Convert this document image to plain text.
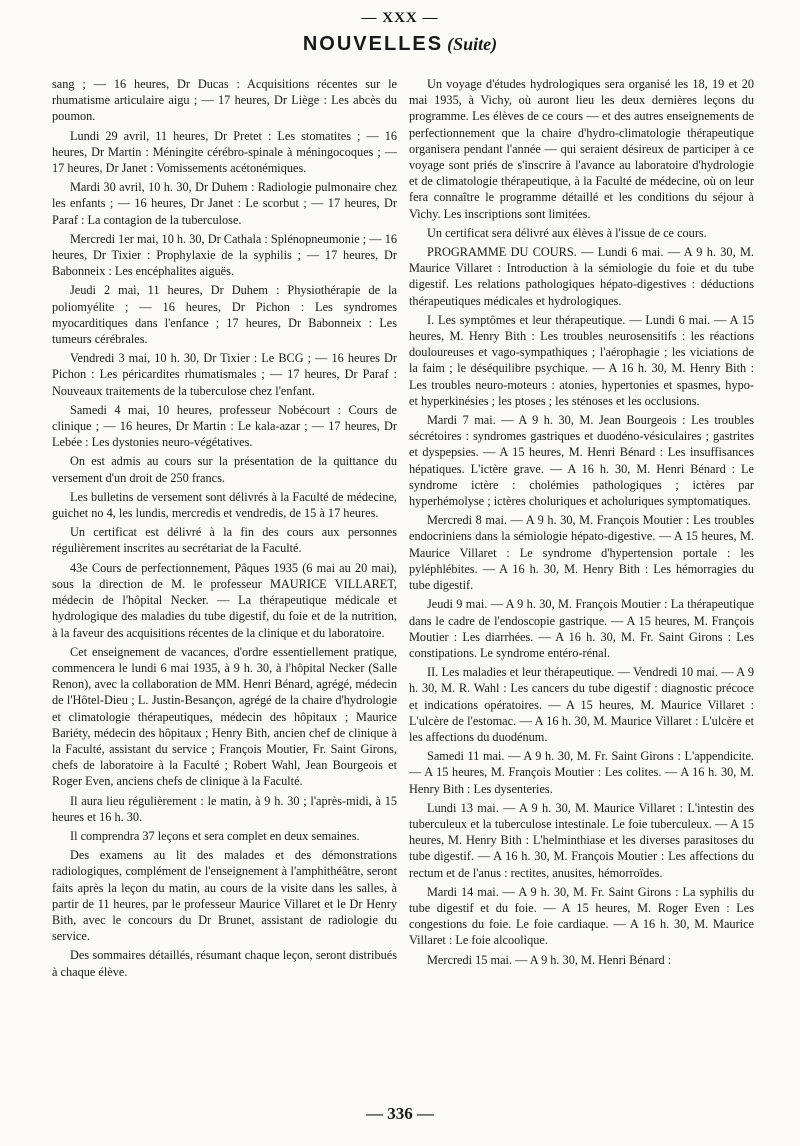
— XXX —
NOUVELLES (Suite)

sang ; — 16 heures, Dr Ducas : Acquisitions récentes sur le rhumatisme articulaire aigu ; — 17 heures, Dr Liège : Les abcès du poumon.

Lundi 29 avril, 11 heures, Dr Pretet : Les stomatites ; — 16 heures, Dr Martin : Méningite cérébro-spinale à méningocoques ; — 17 heures, Dr Janet : Vomissements acétonémiques.

Mardi 30 avril, 10 h. 30, Dr Duhem : Radiologie pulmonaire chez les enfants ; — 16 heures, Dr Janet : Le scorbut ; — 17 heures, Dr Paraf : La contagion de la tuberculose.

Mercredi 1er mai, 10 h. 30, Dr Cathala : Splénopneumonie ; — 16 heures, Dr Tixier : Prophylaxie de la syphilis ; — 17 heures, Dr Babonneix : Les encéphalites aiguës.

Jeudi 2 mai, 11 heures, Dr Duhem : Physiothérapie de la poliomyélite ; — 16 heures, Dr Pichon : Les syndromes myocarditiques dans l'enfance ; 17 heures, Dr Babonneix : Les tumeurs cérébrales.

Vendredi 3 mai, 10 h. 30, Dr Tixier : Le BCG ; — 16 heures Dr Pichon : Les péricardites rhumatismales ; — 17 heures, Dr Paraf : Nouveaux traitements de la tuberculose chez l'enfant.

Samedi 4 mai, 10 heures, professeur Nobécourt : Cours de clinique ; — 16 heures, Dr Martin : Le kala-azar ; — 17 heures, Dr Lebée : Les dystonies neuro-végétatives.

On est admis au cours sur la présentation de la quittance du versement d'un droit de 250 francs.

Les bulletins de versement sont délivrés à la Faculté de médecine, guichet no 4, les lundis, mercredis et vendredis, de 15 à 17 heures.

Un certificat est délivré à la fin des cours aux personnes régulièrement inscrites au secrétariat de la Faculté.

43e Cours de perfectionnement, Pâques 1935 (6 mai au 20 mai), sous la direction de M. le professeur MAURICE VILLARET, médecin de l'hôpital Necker. — La thérapeutique médicale et hydrologique des maladies du tube digestif, du foie et de la nutrition, à la faveur des acquisitions récentes de la clinique et du laboratoire.

Cet enseignement de vacances, d'ordre essentiellement pratique, commencera le lundi 6 mai 1935, à 9 h. 30, à l'hôpital Necker (Salle Renon), avec la collaboration de MM. Henri Bénard, agrégé, médecin de l'Hôtel-Dieu ; L. Justin-Besançon, agrégé de la chaire d'hydrologie et climatologie thérapeutiques, médecin des hôpitaux ; Maurice Bariéty, médecin des hôpitaux ; Henry Bith, ancien chef de clinique à la Faculté, assistant du service ; François Moutier, Fr. Saint Girons, chefs de laboratoire à la Faculté ; Robert Wahl, Jean Bourgeois et Roger Even, anciens chefs de clinique à la Faculté.

Il aura lieu régulièrement : le matin, à 9 h. 30 ; l'après-midi, à 15 heures et 16 h. 30.

Il comprendra 37 leçons et sera complet en deux semaines.

Des examens au lit des malades et des démonstrations radiologiques, complément de l'enseignement à l'amphithéâtre, seront faits après la leçon du matin, au cours de la visite dans les salles, à partir de 11 heures, par le professeur Maurice Villaret et le Dr Henry Bith, avec le concours du Dr Brunet, assistant de radiologie du service.

Des sommaires détaillés, résumant chaque leçon, seront distribués à chaque élève.

Un voyage d'études hydrologiques sera organisé les 18, 19 et 20 mai 1935, à Vichy, où auront lieu les deux dernières leçons du programme. Les élèves de ce cours — et des autres enseignements de perfectionnement que la chaire d'hydro-climatologie thérapeutique organisera pendant l'année — qui seraient désireux de participer à ce voyage sont priés de s'inscrire à l'avance au laboratoire d'hydrologie et de climatologie thérapeutique, à la Faculté de médecine, où on leur fera connaître le programme détaillé et les conditions du séjour à Vichy. Les inscriptions sont limitées.

Un certificat sera délivré aux élèves à l'issue de ce cours.

PROGRAMME DU COURS. — Lundi 6 mai. — A 9 h. 30, M. Maurice Villaret : Introduction à la sémiologie du foie et du tube digestif. Les relations pathologiques hépato-digestives : déductions thérapeutiques médicales et hydrologiques.

I. Les symptômes et leur thérapeutique. — Lundi 6 mai. — A 15 heures, M. Henry Bith : Les troubles neurosensitifs : les réactions douloureuses et vago-sympathiques ; l'aérophagie ; les viciations de la faim ; le déséquilibre psychique. — A 16 h. 30, M. Henry Bith : Les troubles neuro-moteurs : atonies, hypertonies et spasmes, hypo- et hyperkinésies ; les ptoses ; les sténoses et les occlusions.

Mardi 7 mai. — A 9 h. 30, M. Jean Bourgeois : Les troubles sécrétoires : syndromes gastriques et duodéno-vésiculaires ; gastrites et dyspepsies. — A 15 heures, M. Henri Bénard : Les insuffisances hépatiques. L'ictère grave. — A 16 h. 30, M. Henri Bénard : Le syndrome ictère : cholémies pathologiques ; ictères par hyperhémolyse ; ictères choluriques et acholuriques symptomatiques.

Mercredi 8 mai. — A 9 h. 30, M. François Moutier : Les troubles endocriniens dans la sémiologie hépato-digestive. — A 15 heures, M. Maurice Villaret : Le syndrome d'hypertension portale : les pyléphlébites. — A 16 h. 30, M. Henry Bith : Les hémorragies du tube digestif.

Jeudi 9 mai. — A 9 h. 30, M. François Moutier : La thérapeutique dans le cadre de l'endoscopie gastrique. — A 15 heures, M. François Moutier : Les diarrhées. — A 16 h. 30, M. Fr. Saint Girons : Les constipations. Le syndrome entéro-rénal.

II. Les maladies et leur thérapeutique. — Vendredi 10 mai. — A 9 h. 30, M. R. Wahl : Les cancers du tube digestif : diagnostic précoce et indications opératoires. — A 15 heures, M. Maurice Villaret : L'ulcère de l'estomac. — A 16 h. 30, M. Maurice Villaret : L'ulcère et les affections du duodénum.

Samedi 11 mai. — A 9 h. 30, M. Fr. Saint Girons : L'appendicite. — A 15 heures, M. François Moutier : Les colites. — A 16 h. 30, M. Henry Bith : Les dysenteries.

Lundi 13 mai. — A 9 h. 30, M. Maurice Villaret : L'intestin des tuberculeux et la tuberculose intestinale. Le foie tuberculeux. — A 15 heures, M. Henry Bith : L'helminthiase et les diverses parasitoses du tube digestif. — A 16 h. 30, M. François Moutier : Les affections du rectum et de l'anus : rectites, anusites, hémorroïdes.

Mardi 14 mai. — A 9 h. 30, M. Fr. Saint Girons : La syphilis du tube digestif et du foie. — A 15 heures, M. Roger Even : Les congestions du foie. Le foie cardiaque. — A 16 h. 30, M. Maurice Villaret : Le foie alcoolique.

Mercredi 15 mai. — A 9 h. 30, M. Henri Bénard :

— 336 —
